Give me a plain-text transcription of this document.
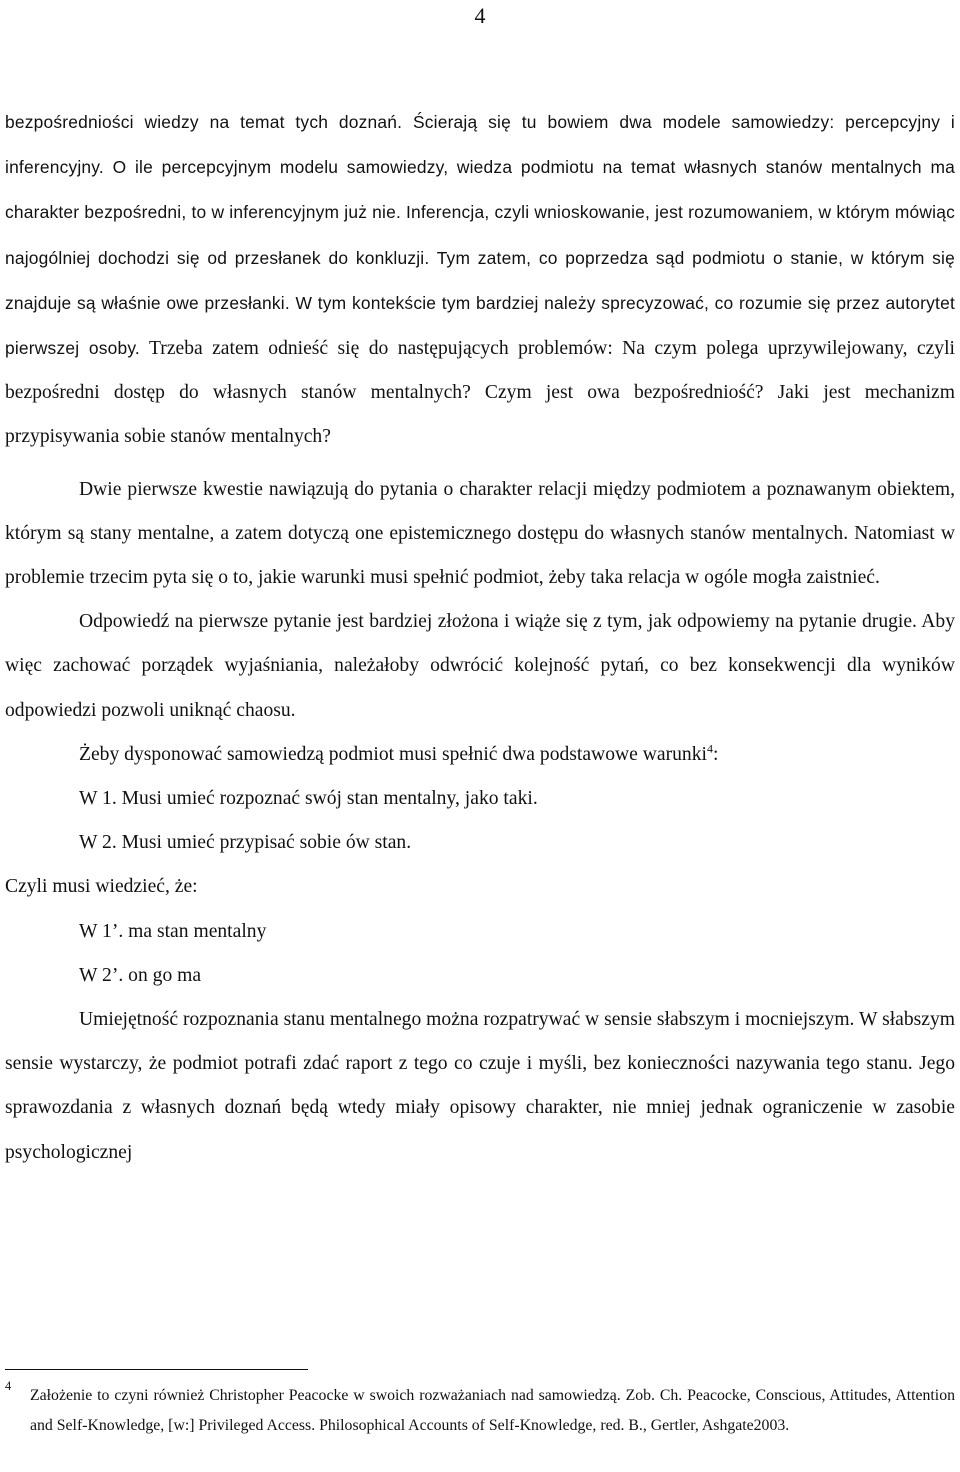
4

bezpośredniości wiedzy na temat tych doznań. Ścierają się tu bowiem dwa modele samowiedzy: percepcyjny i inferencyjny. O ile percepcyjnym modelu samowiedzy, wiedza podmiotu na temat własnych stanów mentalnych ma charakter bezpośredni, to w inferencyjnym już nie. Inferencja, czyli wnioskowanie, jest rozumowaniem, w którym mówiąc najogólniej dochodzi się od przesłanek do konkluzji. Tym zatem, co poprzedza sąd podmiotu o stanie, w którym się znajduje są właśnie owe przesłanki. W tym kontekście tym bardziej należy sprecyzować, co rozumie się przez autorytet pierwszej osoby. Trzeba zatem odnieść się do następujących problemów: Na czym polega uprzywilejowany, czyli bezpośredni dostęp do własnych stanów mentalnych? Czym jest owa bezpośredniość? Jaki jest mechanizm przypisywania sobie stanów mentalnych?

Dwie pierwsze kwestie nawiązują do pytania o charakter relacji między podmiotem a poznawanym obiektem, którym są stany mentalne, a zatem dotyczą one epistemicznego dostępu do własnych stanów mentalnych. Natomiast w problemie trzecim pyta się o to, jakie warunki musi spełnić podmiot, żeby taka relacja w ogóle mogła zaistnieć.

Odpowiedź na pierwsze pytanie jest bardziej złożona i wiąże się z tym, jak odpowiemy na pytanie drugie. Aby więc zachować porządek wyjaśniania, należałoby odwrócić kolejność pytań, co bez konsekwencji dla wyników odpowiedzi pozwoli uniknąć chaosu.

Żeby dysponować samowiedzą podmiot musi spełnić dwa podstawowe warunki$^4$:

W 1. Musi umieć rozpoznać swój stan mentalny, jako taki.

W 2. Musi umieć przypisać sobie ów stan.

Czyli musi wiedzieć, że:

W 1’. ma stan mentalny

W 2’. on go ma

Umiejętność rozpoznania stanu mentalnego można rozpatrywać w sensie słabszym i mocniejszym. W słabszym sensie wystarczy, że podmiot potrafi zdać raport z tego co czuje i myśli, bez konieczności nazywania tego stanu. Jego sprawozdania z własnych doznań będą wtedy miały opisowy charakter, nie mniej jednak ograniczenie w zasobie psychologicznej

4

Założenie to czyni również Christopher Peacocke w swoich rozważaniach nad samowiedzą. Zob. Ch. Peacocke, Conscious, Attitudes, Attention and Self-Knowledge, [w:] Privileged Access. Philosophical Accounts of Self-Knowledge, red. B., Gertler, Ashgate2003.
